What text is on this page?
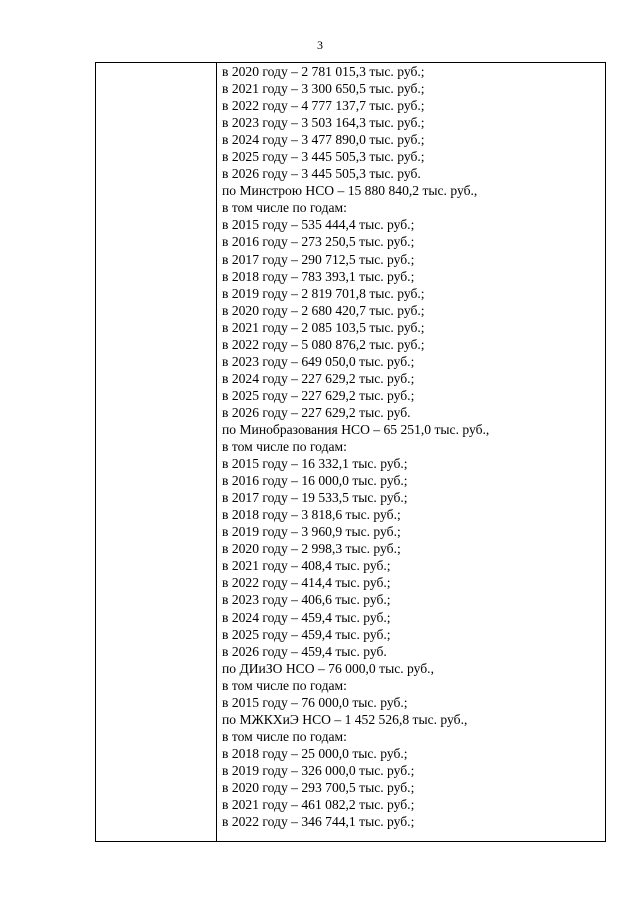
3

в 2020 году – 2 781 015,3 тыс. руб.;
в 2021 году – 3 300 650,5 тыс. руб.;
в 2022 году – 4 777 137,7 тыс. руб.;
в 2023 году – 3 503 164,3 тыс. руб.;
в 2024 году – 3 477 890,0 тыс. руб.;
в 2025 году – 3 445 505,3 тыс. руб.;
в 2026 году – 3 445 505,3 тыс. руб.
по Минстрою НСО – 15 880 840,2 тыс. руб.,
в том числе по годам:
в 2015 году – 535 444,4 тыс. руб.;
в 2016 году – 273 250,5 тыс. руб.;
в 2017 году – 290 712,5 тыс. руб.;
в 2018 году – 783 393,1 тыс. руб.;
в 2019 году – 2 819 701,8 тыс. руб.;
в 2020 году – 2 680 420,7 тыс. руб.;
в 2021 году – 2 085 103,5 тыс. руб.;
в 2022 году – 5 080 876,2 тыс. руб.;
в 2023 году – 649 050,0 тыс. руб.;
в 2024 году – 227 629,2 тыс. руб.;
в 2025 году – 227 629,2 тыс. руб.;
в 2026 году – 227 629,2 тыс. руб.
по Минобразования НСО – 65 251,0 тыс. руб.,
в том числе по годам:
в 2015 году – 16 332,1 тыс. руб.;
в 2016 году – 16 000,0 тыс. руб.;
в 2017 году – 19 533,5 тыс. руб.;
в 2018 году – 3 818,6 тыс. руб.;
в 2019 году – 3 960,9 тыс. руб.;
в 2020 году – 2 998,3 тыс. руб.;
в 2021 году – 408,4 тыс. руб.;
в 2022 году – 414,4 тыс. руб.;
в 2023 году – 406,6 тыс. руб.;
в 2024 году – 459,4 тыс. руб.;
в 2025 году – 459,4 тыс. руб.;
в 2026 году – 459,4 тыс. руб.
по ДИиЗО НСО – 76 000,0 тыс. руб.,
в том числе по годам:
в 2015 году – 76 000,0 тыс. руб.;
по МЖКХиЭ НСО – 1 452 526,8 тыс. руб.,
в том числе по годам:
в 2018 году – 25 000,0 тыс. руб.;
в 2019 году – 326 000,0 тыс. руб.;
в 2020 году – 293 700,5 тыс. руб.;
в 2021 году – 461 082,2 тыс. руб.;
в 2022 году – 346 744,1 тыс. руб.;
